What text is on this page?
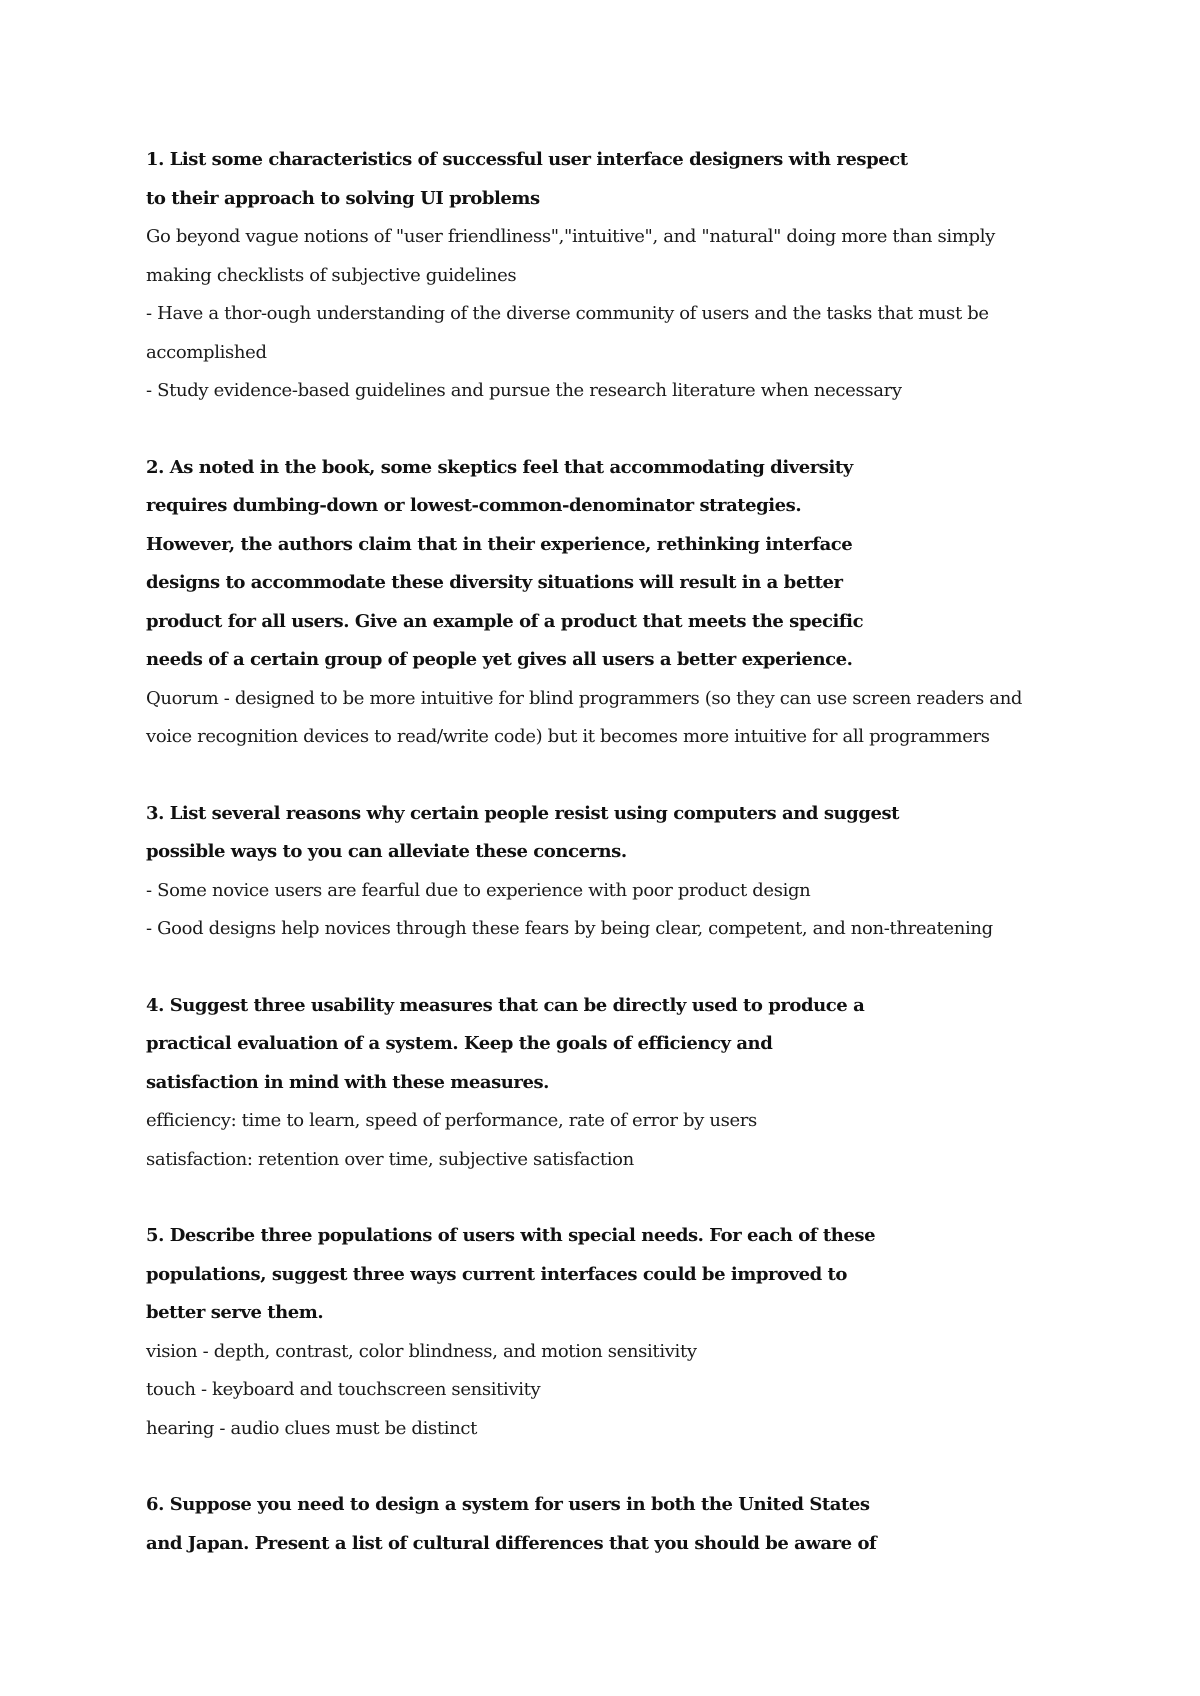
1. List some characteristics of successful user interface designers with respect
to their approach to solving UI problems
Go beyond vague notions of "user friendliness","intuitive", and "natural" doing more than simply
making checklists of subjective guidelines
- Have a thor-ough understanding of the diverse community of users and the tasks that must be
accomplished
- Study evidence-based guidelines and pursue the research literature when necessary
2. As noted in the book, some skeptics feel that accommodating diversity
requires dumbing-down or lowest-common-denominator strategies.
However, the authors claim that in their experience, rethinking interface
designs to accommodate these diversity situations will result in a better
product for all users. Give an example of a product that meets the specific
needs of a certain group of people yet gives all users a better experience.
Quorum - designed to be more intuitive for blind programmers (so they can use screen readers and
voice recognition devices to read/write code) but it becomes more intuitive for all programmers
3. List several reasons why certain people resist using computers and suggest
possible ways to you can alleviate these concerns.
- Some novice users are fearful due to experience with poor product design
- Good designs help novices through these fears by being clear, competent, and non-threatening
4. Suggest three usability measures that can be directly used to produce a
practical evaluation of a system. Keep the goals of efficiency and
satisfaction in mind with these measures.
efficiency: time to learn, speed of performance, rate of error by users
satisfaction: retention over time, subjective satisfaction
5. Describe three populations of users with special needs. For each of these
populations, suggest three ways current interfaces could be improved to
better serve them.
vision - depth, contrast, color blindness, and motion sensitivity
touch - keyboard and touchscreen sensitivity
hearing - audio clues must be distinct
6. Suppose you need to design a system for users in both the United States
and Japan. Present a list of cultural differences that you should be aware of
